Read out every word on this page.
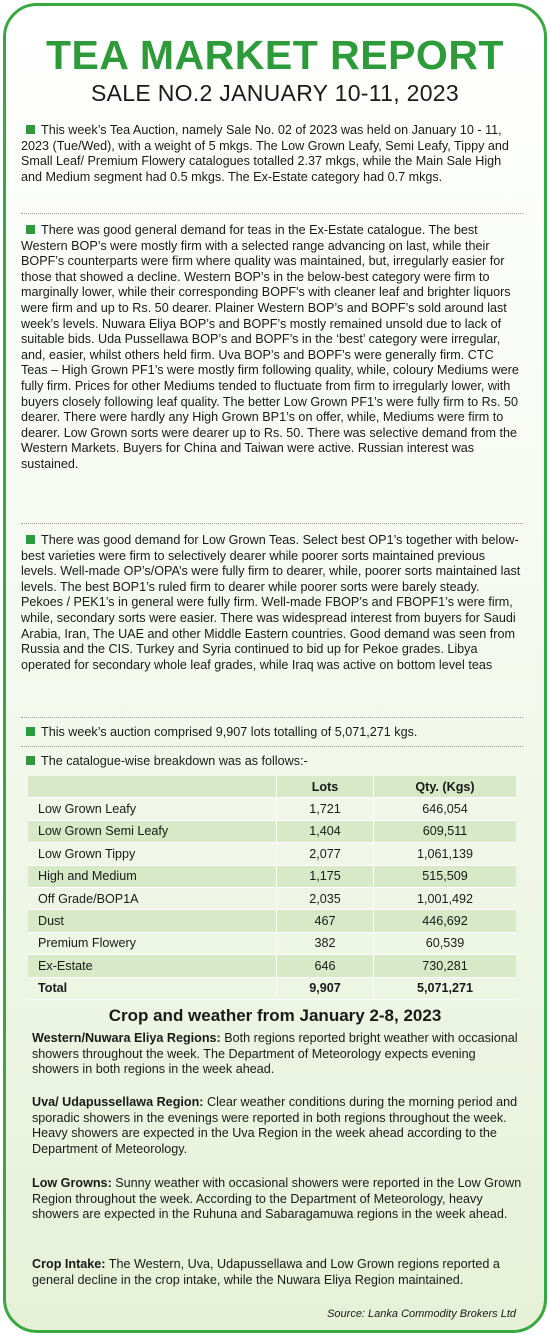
TEA MARKET REPORT
SALE NO.2 JANUARY 10-11, 2023
This week’s Tea Auction, namely Sale No. 02 of 2023 was held on January 10 - 11, 2023 (Tue/Wed), with a weight of 5 mkgs. The Low Grown Leafy, Semi Leafy, Tippy and Small Leaf/ Premium Flowery catalogues totalled 2.37 mkgs, while the Main Sale High and Medium segment had 0.5 mkgs. The Ex-Estate category had 0.7 mkgs.
There was good general demand for teas in the Ex-Estate catalogue. The best Western BOP’s were mostly firm with a selected range advancing on last, while their BOPF’s counterparts were firm where quality was maintained, but, irregularly easier for those that showed a decline. Western BOP’s in the below-best category were firm to marginally lower, while their corresponding BOPF's with cleaner leaf and brighter liquors were firm and up to Rs. 50 dearer. Plainer Western BOP’s and BOPF’s sold around last week’s levels. Nuwara Eliya BOP’s and BOPF’s mostly remained unsold due to lack of suitable bids. Uda Pussellawa BOP’s and BOPF’s in the ‘best’ category were irregular, and, easier, whilst others held firm. Uva BOP’s and BOPF’s were generally firm. CTC Teas – High Grown PF1’s were mostly firm following quality, while, coloury Mediums were fully firm. Prices for other Mediums tended to fluctuate from firm to irregularly lower, with buyers closely following leaf quality. The better Low Grown PF1’s were fully firm to Rs. 50 dearer. There were hardly any High Grown BP1’s on offer, while, Mediums were firm to dearer. Low Grown sorts were dearer up to Rs. 50. There was selective demand from the Western Markets. Buyers for China and Taiwan were active. Russian interest was sustained.
There was good demand for Low Grown Teas. Select best OP1’s together with below-best varieties were firm to selectively dearer while poorer sorts maintained previous levels. Well-made OP’s/OPA’s were fully firm to dearer, while, poorer sorts maintained last levels. The best BOP1’s ruled firm to dearer while poorer sorts were barely steady. Pekoes / PEK1’s in general were fully firm. Well-made FBOP’s and FBOPF1’s were firm, while, secondary sorts were easier. There was widespread interest from buyers for Saudi Arabia, Iran, The UAE and other Middle Eastern countries. Good demand was seen from Russia and the CIS. Turkey and Syria continued to bid up for Pekoe grades. Libya operated for secondary whole leaf grades, while Iraq was active on bottom level teas
This week’s auction comprised 9,907 lots totalling of 5,071,271 kgs.
The catalogue-wise breakdown was as follows:-
	Lots	Qty. (Kgs)
Low Grown Leafy	1,721	646,054
Low Grown Semi Leafy	1,404	609,511
Low Grown Tippy	2,077	1,061,139
High and Medium	1,175	515,509
Off Grade/BOP1A	2,035	1,001,492
Dust	467	446,692
Premium Flowery	382	60,539
Ex-Estate	646	730,281
Total	9,907	5,071,271
Crop and weather from January 2-8, 2023
Western/Nuwara Eliya Regions: Both regions reported bright weather with occasional showers throughout the week. The Department of Meteorology expects evening showers in both regions in the week ahead.
Uva/ Udapussellawa Region: Clear weather conditions during the morning period and sporadic showers in the evenings were reported in both regions throughout the week. Heavy showers are expected in the Uva Region in the week ahead according to the Department of Meteorology.
Low Growns: Sunny weather with occasional showers were reported in the Low Grown Region throughout the week. According to the Department of Meteorology, heavy showers are expected in the Ruhuna and Sabaragamuwa regions in the week ahead.
Crop Intake: The Western, Uva, Udapussellawa and Low Grown regions reported a general decline in the crop intake, while the Nuwara Eliya Region maintained.
Source: Lanka Commodity Brokers Ltd
